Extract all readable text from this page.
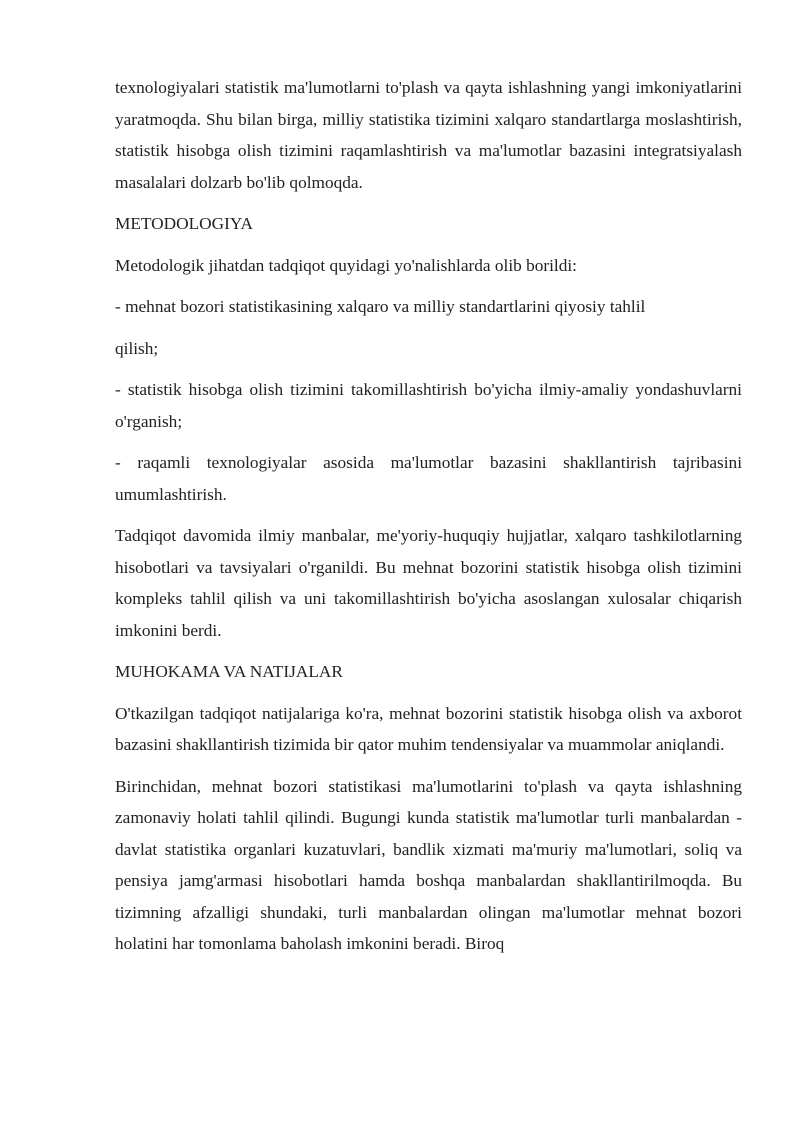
texnologiyalari statistik ma'lumotlarni to'plash va qayta ishlashning yangi imkoniyatlarini yaratmoqda. Shu bilan birga, milliy statistika tizimini xalqaro standartlarga moslashtirish, statistik hisobga olish tizimini raqamlashtirish va ma'lumotlar bazasini integratsiyalash masalalari dolzarb bo'lib qolmoqda.

METODOLOGIYA

Metodologik jihatdan tadqiqot quyidagi yo'nalishlarda olib borildi:

- mehnat bozori statistikasining xalqaro va milliy standartlarini qiyosiy tahlil

qilish;

- statistik hisobga olish tizimini takomillashtirish bo'yicha ilmiy-amaliy yondashuvlarni o'rganish;

- raqamli texnologiyalar asosida ma'lumotlar bazasini shakllantirish tajribasini umumlashtirish.

Tadqiqot davomida ilmiy manbalar, me'yoriy-huquqiy hujjatlar, xalqaro tashkilotlarning hisobotlari va tavsiyalari o'rganildi. Bu mehnat bozorini statistik hisobga olish tizimini kompleks tahlil qilish va uni takomillashtirish bo'yicha asoslangan xulosalar chiqarish imkonini berdi.

MUHOKAMA VA NATIJALAR

O'tkazilgan tadqiqot natijalariga ko'ra, mehnat bozorini statistik hisobga olish va axborot bazasini shakllantirish tizimida bir qator muhim tendensiyalar va muammolar aniqlandi.

Birinchidan, mehnat bozori statistikasi ma'lumotlarini to'plash va qayta ishlashning zamonaviy holati tahlil qilindi. Bugungi kunda statistik ma'lumotlar turli manbalardan - davlat statistika organlari kuzatuvlari, bandlik xizmati ma'muriy ma'lumotlari, soliq va pensiya jamg'armasi hisobotlari hamda boshqa manbalardan shakllantirilmoqda. Bu tizimning afzalligi shundaki, turli manbalardan olingan ma'lumotlar mehnat bozori holatini har tomonlama baholash imkonini beradi. Biroq
